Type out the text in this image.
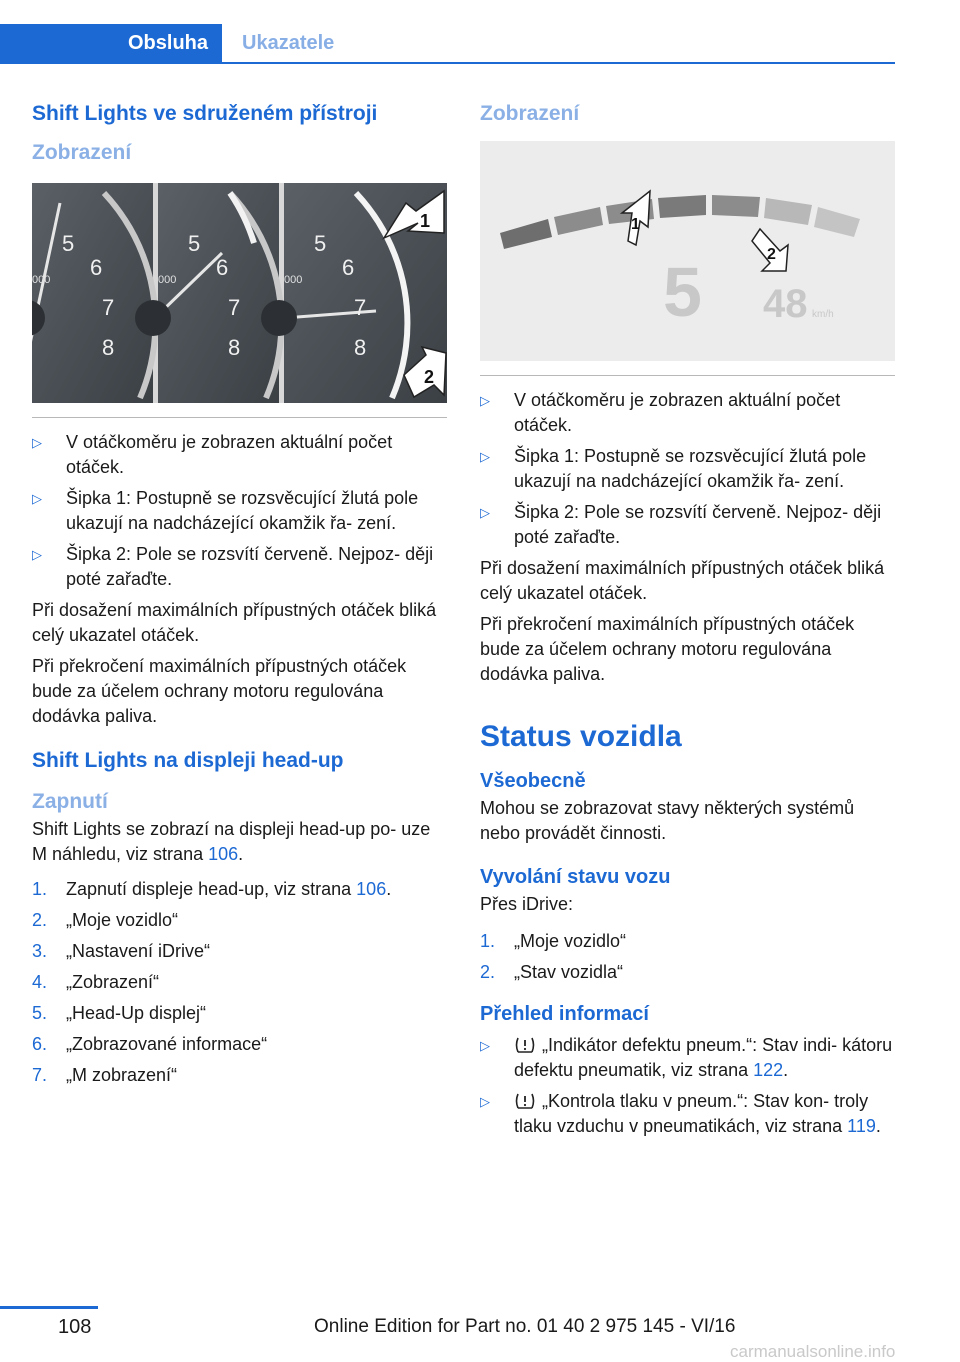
Obsluha	Ukazatele
Shift Lights ve sdruženém přístroji
Zobrazení
5
6
7
8
000
5
6
7
8
000
5
6
7
8
000
1
2
▷ V otáčkoměru je zobrazen aktuální počet otáček.
▷ Šipka 1: Postupně se rozsvěcující žlutá pole ukazují na nadcházející okamžik řa- zení.
▷ Šipka 2: Pole se rozsvítí červeně. Nejpoz- ději poté zařaďte.

Při dosažení maximálních přípustných otáček bliká celý ukazatel otáček.

Při překročení maximálních přípustných otáček bude za účelem ochrany motoru regulována dodávka paliva.

Shift Lights na displeji head-up
Zapnutí

Shift Lights se zobrazí na displeji head-up po- uze M náhledu, viz strana 106.

1. Zapnutí displeje head-up, viz strana 106.
2. „Moje vozidlo“
3. „Nastavení iDrive“
4. „Zobrazení“
5. „Head-Up displej“
6. „Zobrazované informace“
7. „M zobrazení“
Zobrazení
5 48 km/h
1
2
▷ V otáčkoměru je zobrazen aktuální počet otáček.
▷ Šipka 1: Postupně se rozsvěcující žlutá pole ukazují na nadcházející okamžik řa- zení.
▷ Šipka 2: Pole se rozsvítí červeně. Nejpoz- ději poté zařaďte.

Při dosažení maximálních přípustných otáček bliká celý ukazatel otáček.

Při překročení maximálních přípustných otáček bude za účelem ochrany motoru regulována dodávka paliva.

Status vozidla
Všeobecně

Mohou se zobrazovat stavy některých systémů nebo provádět činnosti.

Vyvolání stavu vozu

Přes iDrive:

1. „Moje vozidlo“
2. „Stav vozidla“
Přehled informací
▷ „Indikátor defektu pneum.“: Stav indi- kátoru defektu pneumatik, viz strana 122.
▷ „Kontrola tlaku v pneum.“: Stav kon- troly tlaku vzduchu v pneumatikách, viz strana 119.
108	Online Edition for Part no. 01 40 2 975 145 - VI/16
carmanualsonline.info
